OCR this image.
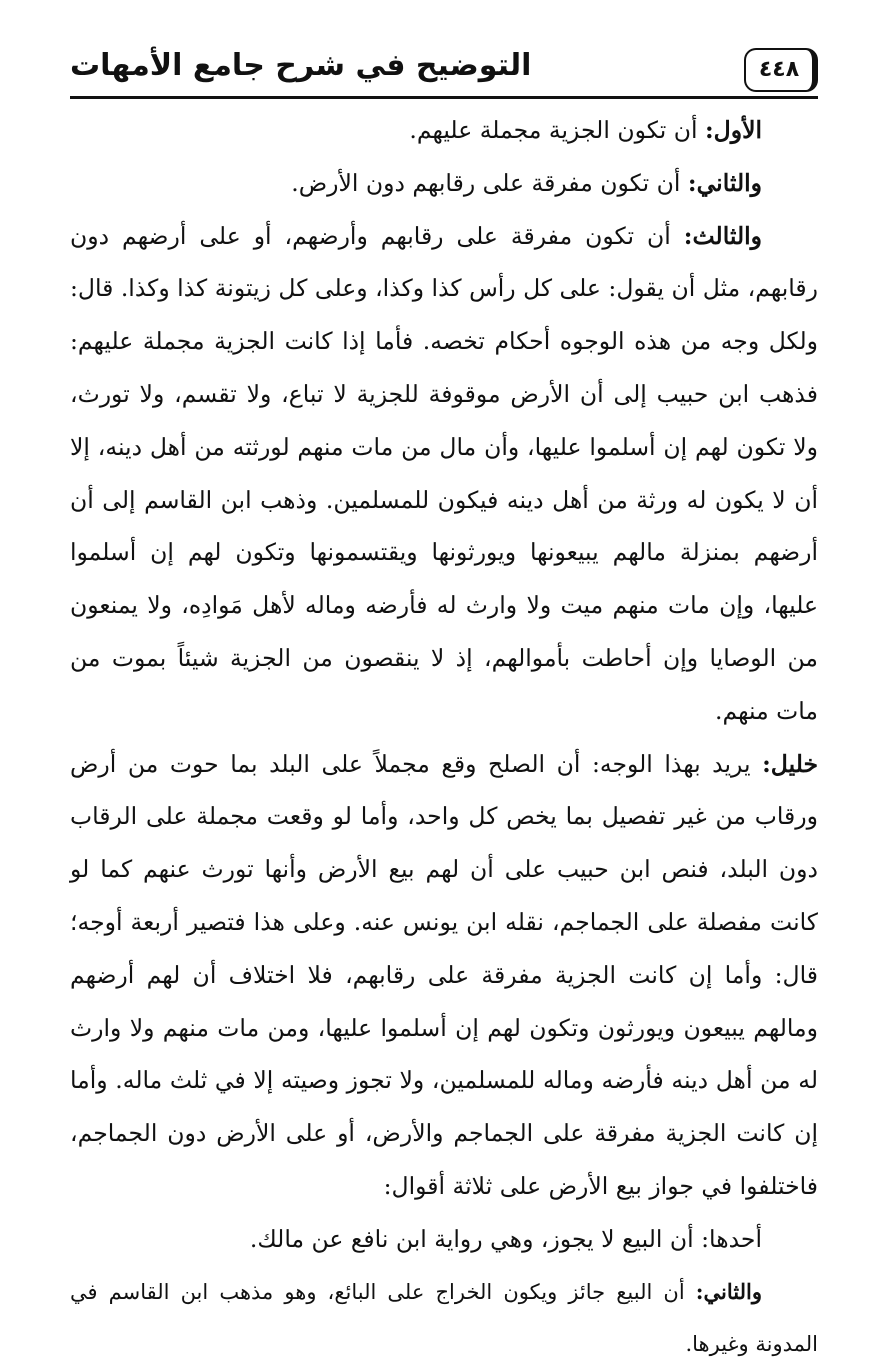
التوضيح في شرح جامع الأمهات	٤٤٨

الأول: أن تكون الجزية مجملة عليهم.

والثاني: أن تكون مفرقة على رقابهم دون الأرض.

والثالث: أن تكون مفرقة على رقابهم وأرضهم، أو على أرضهم دون رقابهم، مثل أن يقول: على كل رأس كذا وكذا، وعلى كل زيتونة كذا وكذا. قال: ولكل وجه من هذه الوجوه أحكام تخصه. فأما إذا كانت الجزية مجملة عليهم: فذهب ابن حبيب إلى أن الأرض موقوفة للجزية لا تباع، ولا تقسم، ولا تورث، ولا تكون لهم إن أسلموا عليها، وأن مال من مات منهم لورثته من أهل دينه، إلا أن لا يكون له ورثة من أهل دينه فيكون للمسلمين. وذهب ابن القاسم إلى أن أرضهم بمنزلة مالهم يبيعونها ويورثونها ويقتسمونها وتكون لهم إن أسلموا عليها، وإن مات منهم ميت ولا وارث له فأرضه وماله لأهل مَوادِه، ولا يمنعون من الوصايا وإن أحاطت بأموالهم، إذ لا ينقصون من الجزية شيئاً بموت من مات منهم.

خليل: يريد بهذا الوجه: أن الصلح وقع مجملاً على البلد بما حوت من أرض ورقاب من غير تفصيل بما يخص كل واحد، وأما لو وقعت مجملة على الرقاب دون البلد، فنص ابن حبيب على أن لهم بيع الأرض وأنها تورث عنهم كما لو كانت مفصلة على الجماجم، نقله ابن يونس عنه. وعلى هذا فتصير أربعة أوجه؛ قال: وأما إن كانت الجزية مفرقة على رقابهم، فلا اختلاف أن لهم أرضهم ومالهم يبيعون ويورثون وتكون لهم إن أسلموا عليها، ومن مات منهم ولا وارث له من أهل دينه فأرضه وماله للمسلمين، ولا تجوز وصيته إلا في ثلث ماله. وأما إن كانت الجزية مفرقة على الجماجم والأرض، أو على الأرض دون الجماجم، فاختلفوا في جواز بيع الأرض على ثلاثة أقوال:

أحدها: أن البيع لا يجوز، وهي رواية ابن نافع عن مالك.

والثاني: أن البيع جائز ويكون الخراج على البائع، وهو مذهب ابن القاسم في المدونة وغيرها.
